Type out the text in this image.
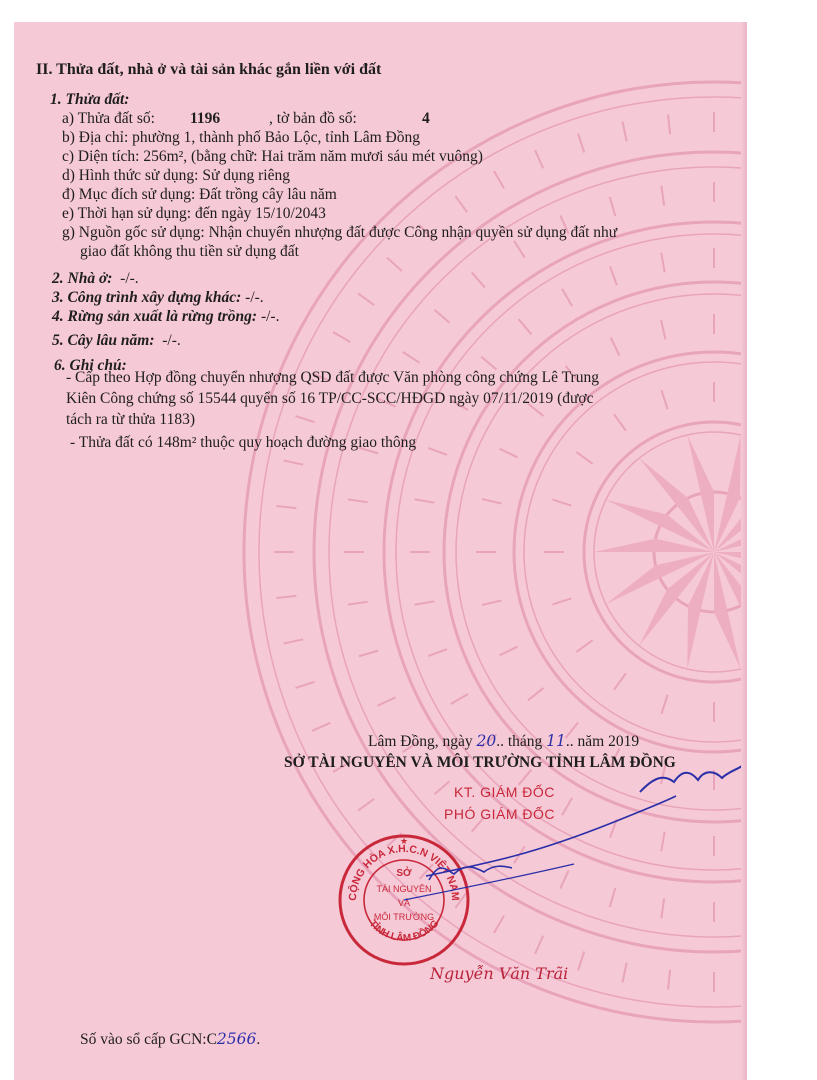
II. Thửa đất, nhà ở và tài sản khác gắn liền với đất
1. Thửa đất:
a) Thửa đất số: 1196	, tờ bản đồ số:	4
b) Địa chỉ: phường 1, thành phố Bảo Lộc, tỉnh Lâm Đồng
c) Diện tích: 256m², (bằng chữ: Hai trăm năm mươi sáu mét vuông)
d) Hình thức sử dụng: Sử dụng riêng
đ) Mục đích sử dụng: Đất trồng cây lâu năm
e) Thời hạn sử dụng: đến ngày 15/10/2043
g) Nguồn gốc sử dụng: Nhận chuyển nhượng đất được Công nhận quyền sử dụng đất như
giao đất không thu tiền sử dụng đất
2. Nhà ở: -/-.
3. Công trình xây dựng khác: -/-.
4. Rừng sản xuất là rừng trồng: -/-.
5. Cây lâu năm: -/-.
6. Ghi chú:
- Cấp theo Hợp đồng chuyển nhượng QSD đất được Văn phòng công chứng Lê Trung
Kiên Công chứng số 15544 quyển số 16 TP/CC-SCC/HĐGD ngày 07/11/2019 (được
tách ra từ thửa 1183)
- Thửa đất có 148m² thuộc quy hoạch đường giao thông
Lâm Đồng, ngày 20.. tháng 11.. năm 2019
SỞ TÀI NGUYÊN VÀ MÔI TRƯỜNG TỈNH LÂM ĐỒNG
KT. GIÁM ĐỐC
PHÓ GIÁM ĐỐC
CỘNG HÒA X.H.C.N VIỆT NAM
TỈNH LÂM ĐỒNG
SỞ
TÀI NGUYÊN
VÀ
MÔI TRƯỜNG
★
Nguyễn Văn Trãi
Số vào sổ cấp GCN:C2566.
